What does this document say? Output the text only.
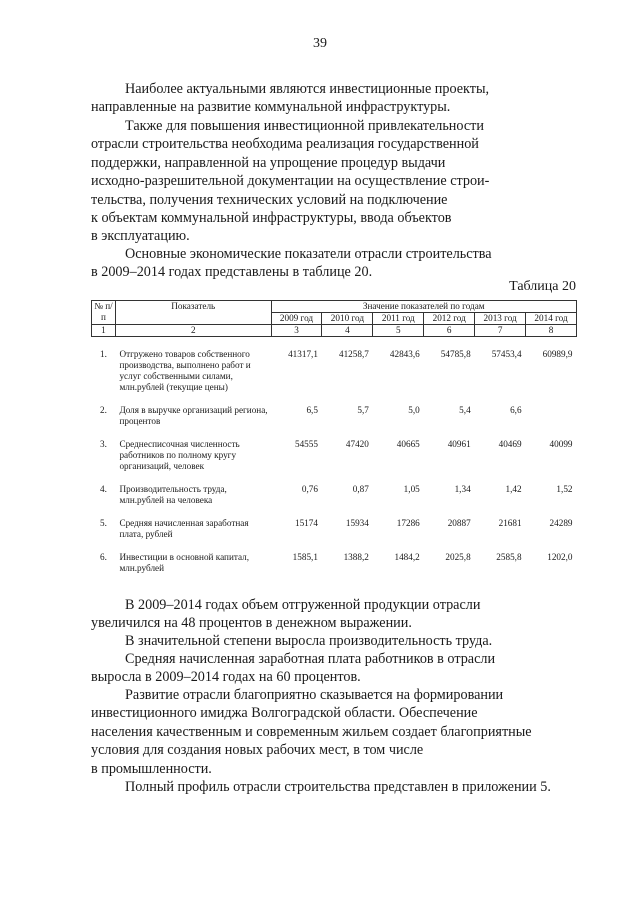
39

Наиболее актуальными являются инвестиционные проекты,
направленные на развитие коммунальной инфраструктуры.

Также для повышения инвестиционной привлекательности
отрасли строительства необходима реализация государственной
поддержки, направленной на упрощение процедур выдачи
исходно-разрешительной документации на осуществление строи-
тельства, получения технических условий на подключение
к объектам коммунальной инфраструктуры, ввода объектов
в эксплуатацию.

Основные экономические показатели отрасли строительства
в 2009–2014 годах представлены в таблице 20.

Таблица 20
№ п/п	Показатель	Значение показателей по годам					
		2009 год	2010 год	2011 год	2012 год	2013 год	2014 год
1	2	3	4	5	6	7	8

1.	Отгружено товаров собственного производства, выполнено работ и услуг собственными силами, млн.рублей (текущие цены)	41317,1	41258,7	42843,6	54785,8	57453,4	60989,9

2.	Доля в выручке организаций региона, процентов	6,5	5,7	5,0	5,4	6,6	

3.	Среднесписочная численность работников по полному кругу организаций, человек	54555	47420	40665	40961	40469	40099

4.	Производительность труда, млн.рублей на человека	0,76	0,87	1,05	1,34	1,42	1,52

5.	Средняя начисленная заработная плата, рублей	15174	15934	17286	20887	21681	24289

6.	Инвестиции в основной капитал, млн.рублей	1585,1	1388,2	1484,2	2025,8	2585,8	1202,0

В 2009–2014 годах объем отгруженной продукции отрасли
увеличился на 48 процентов в денежном выражении.

В значительной степени выросла производительность труда.

Средняя начисленная заработная плата работников в отрасли
выросла в 2009–2014 годах на 60 процентов.

Развитие отрасли благоприятно сказывается на формировании
инвестиционного имиджа Волгоградской области. Обеспечение
населения качественным и современным жильем создает благоприятные
условия для создания новых рабочих мест, в том числе
в промышленности.

Полный профиль отрасли строительства представлен в приложении 5.
